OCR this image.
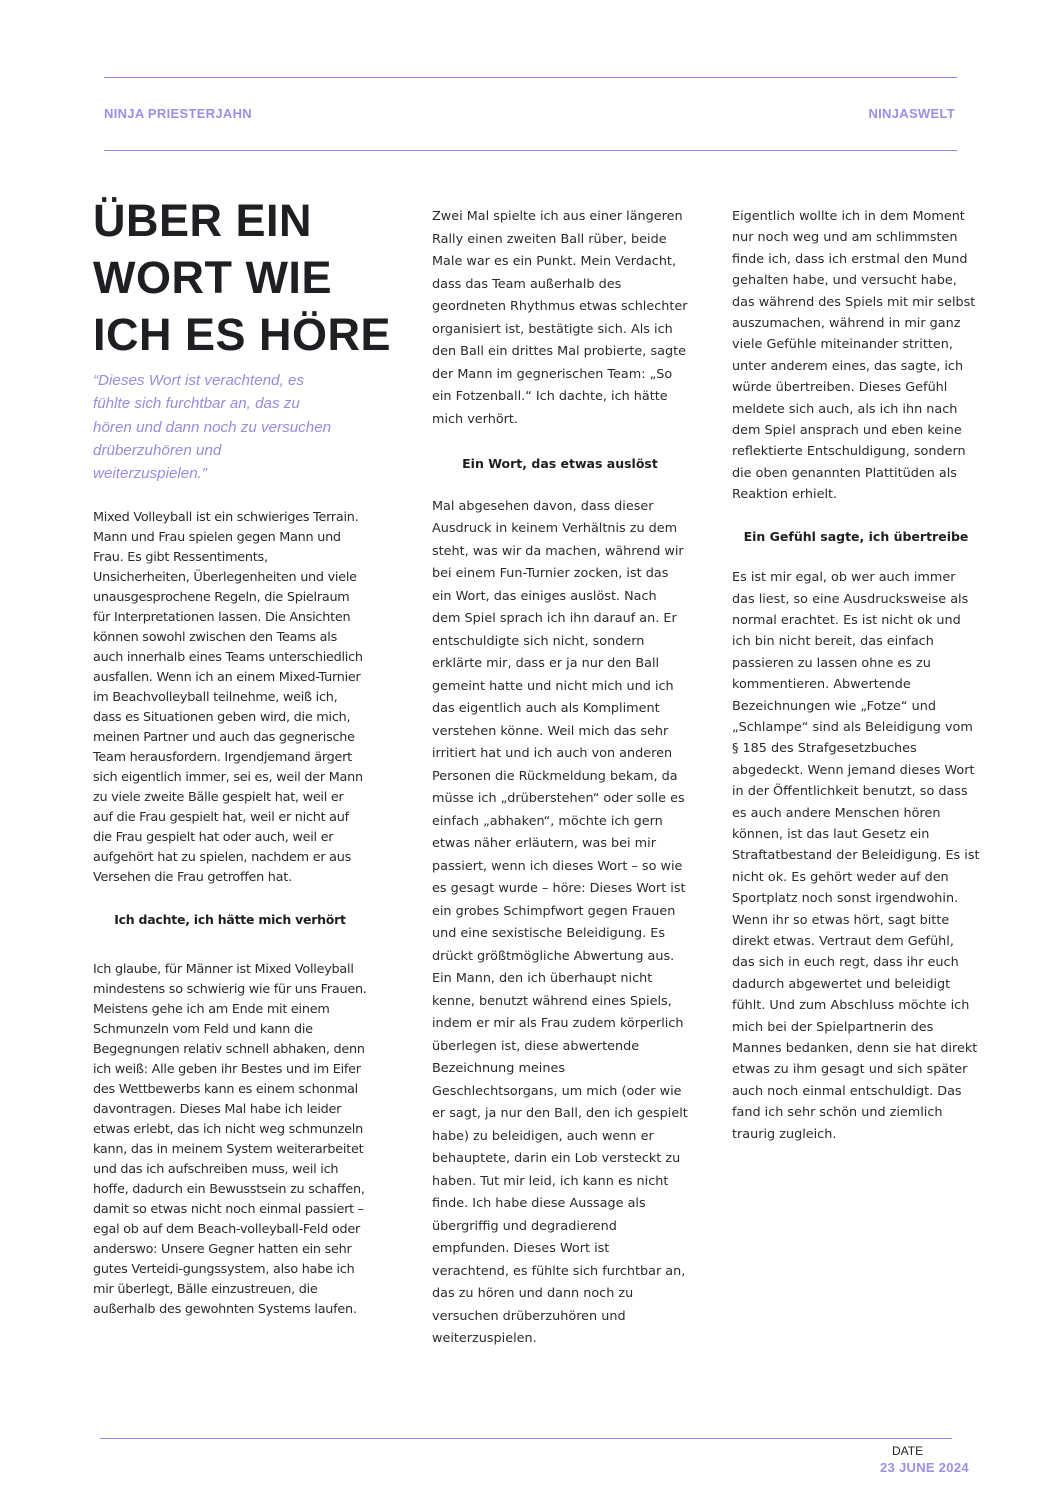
NINJA PRIESTERJAHN	NINJASWELT
ÜBER EIN WORT WIE ICH ES HÖRE

“Dieses Wort ist verachtend, es fühlte sich furchtbar an, das zu hören und dann noch zu versuchen drüberzuhören und weiterzuspielen.”

Mixed Volleyball ist ein schwieriges Terrain. Mann und Frau spielen gegen Mann und Frau. Es gibt Ressentiments, Unsicherheiten, Überlegenheiten und viele unausgesprochene Regeln, die Spielraum für Interpretationen lassen. Die Ansichten können sowohl zwischen den Teams als auch innerhalb eines Teams unterschiedlich ausfallen. Wenn ich an einem Mixed-Turnier im Beachvolleyball teilnehme, weiß ich, dass es Situationen geben wird, die mich, meinen Partner und auch das gegnerische Team herausfordern. Irgendjemand ärgert sich eigentlich immer, sei es, weil der Mann zu viele zweite Bälle gespielt hat, weil er auf die Frau gespielt hat, weil er nicht auf die Frau gespielt hat oder auch, weil er aufgehört hat zu spielen, nachdem er aus Versehen die Frau getroffen hat.

Ich dachte, ich hätte mich verhört

Ich glaube, für Männer ist Mixed Volleyball mindestens so schwierig wie für uns Frauen. Meistens gehe ich am Ende mit einem Schmunzeln vom Feld und kann die Begegnungen relativ schnell abhaken, denn ich weiß: Alle geben ihr Bestes und im Eifer des Wettbewerbs kann es einem schonmal davontragen. Dieses Mal habe ich leider etwas erlebt, das ich nicht weg schmunzeln kann, das in meinem System weiterarbeitet und das ich aufschreiben muss, weil ich hoffe, dadurch ein Bewusstsein zu schaffen, damit so etwas nicht noch einmal passiert – egal ob auf dem Beach-volleyball-Feld oder anderswo: Unsere Gegner hatten ein sehr gutes Verteidi-gungssystem, also habe ich mir überlegt, Bälle einzustreuen, die außerhalb des gewohnten Systems laufen.

Zwei Mal spielte ich aus einer längeren Rally einen zweiten Ball rüber, beide Male war es ein Punkt. Mein Verdacht, dass das Team außerhalb des geordneten Rhythmus etwas schlechter organisiert ist, bestätigte sich. Als ich den Ball ein drittes Mal probierte, sagte der Mann im gegnerischen Team: „So ein Fotzenball.“ Ich dachte, ich hätte mich verhört.

Ein Wort, das etwas auslöst

Mal abgesehen davon, dass dieser Ausdruck in keinem Verhältnis zu dem steht, was wir da machen, während wir bei einem Fun-Turnier zocken, ist das ein Wort, das einiges auslöst. Nach dem Spiel sprach ich ihn darauf an. Er entschuldigte sich nicht, sondern erklärte mir, dass er ja nur den Ball gemeint hatte und nicht mich und ich das eigentlich auch als Kompliment verstehen könne. Weil mich das sehr irritiert hat und ich auch von anderen Personen die Rückmeldung bekam, da müsse ich „drüberstehen“ oder solle es einfach „abhaken“, möchte ich gern etwas näher erläutern, was bei mir passiert, wenn ich dieses Wort – so wie es gesagt wurde – höre: Dieses Wort ist ein grobes Schimpfwort gegen Frauen und eine sexistische Beleidigung. Es drückt größtmögliche Abwertung aus. Ein Mann, den ich überhaupt nicht kenne, benutzt während eines Spiels, indem er mir als Frau zudem körperlich überlegen ist, diese abwertende Bezeichnung meines Geschlechtsorgans, um mich (oder wie er sagt, ja nur den Ball, den ich gespielt habe) zu beleidigen, auch wenn er behauptete, darin ein Lob versteckt zu haben. Tut mir leid, ich kann es nicht finde. Ich habe diese Aussage als übergriffig und degradierend empfunden. Dieses Wort ist verachtend, es fühlte sich furchtbar an, das zu hören und dann noch zu versuchen drüberzuhören und weiterzuspielen.

Eigentlich wollte ich in dem Moment nur noch weg und am schlimmsten finde ich, dass ich erstmal den Mund gehalten habe, und versucht habe, das während des Spiels mit mir selbst auszumachen, während in mir ganz viele Gefühle miteinander stritten, unter anderem eines, das sagte, ich würde übertreiben. Dieses Gefühl meldete sich auch, als ich ihn nach dem Spiel ansprach und eben keine reflektierte Entschuldigung, sondern die oben genannten Plattitüden als Reaktion erhielt.

Ein Gefühl sagte, ich übertreibe

Es ist mir egal, ob wer auch immer das liest, so eine Ausdrucksweise als normal erachtet. Es ist nicht ok und ich bin nicht bereit, das einfach passieren zu lassen ohne es zu kommentieren. Abwertende Bezeichnungen wie „Fotze“ und „Schlampe“ sind als Beleidigung vom § 185 des Strafgesetzbuches abgedeckt. Wenn jemand dieses Wort in der Öffentlichkeit benutzt, so dass es auch andere Menschen hören können, ist das laut Gesetz ein Straftatbestand der Beleidigung. Es ist nicht ok. Es gehört weder auf den Sportplatz noch sonst irgendwohin. Wenn ihr so etwas hört, sagt bitte direkt etwas. Vertraut dem Gefühl, das sich in euch regt, dass ihr euch dadurch abgewertet und beleidigt fühlt. Und zum Abschluss möchte ich mich bei der Spielpartnerin des Mannes bedanken, denn sie hat direkt etwas zu ihm gesagt und sich später auch noch einmal entschuldigt. Das fand ich sehr schön und ziemlich traurig zugleich.

DATE
23 JUNE 2024
